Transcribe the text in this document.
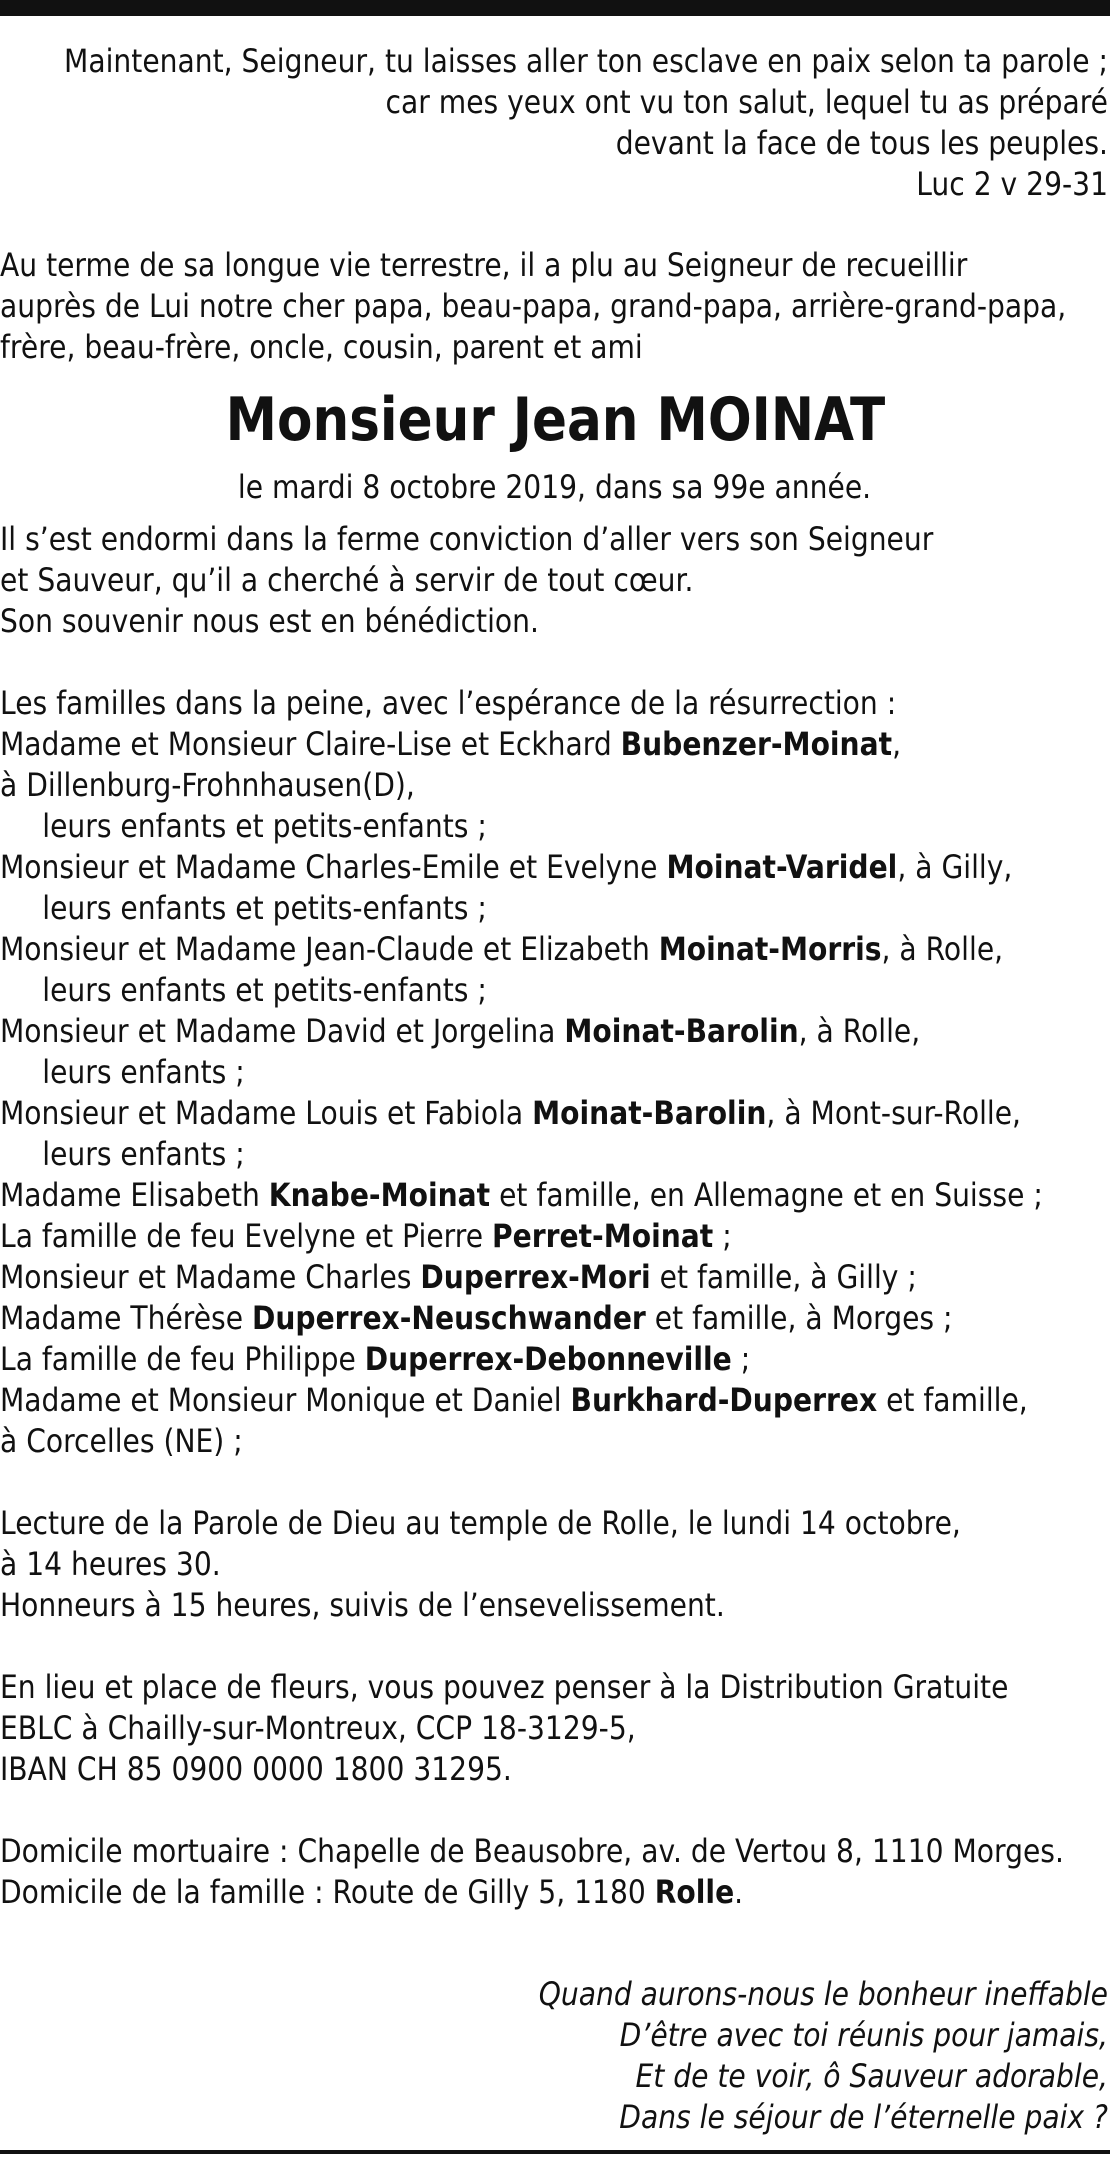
Maintenant, Seigneur, tu laisses aller ton esclave en paix selon ta parole ;
car mes yeux ont vu ton salut, lequel tu as préparé
devant la face de tous les peuples.
Luc 2 v 29-31
Au terme de sa longue vie terrestre, il a plu au Seigneur de recueillir
auprès de Lui notre cher papa, beau-papa, grand-papa, arrière-grand-papa,
frère, beau-frère, oncle, cousin, parent et ami
Monsieur Jean MOINAT
le mardi 8 octobre 2019, dans sa 99e année.
Il s’est endormi dans la ferme conviction d’aller vers son Seigneur
et Sauveur, qu’il a cherché à servir de tout cœur.
Son souvenir nous est en bénédiction.
Les familles dans la peine, avec l’espérance de la résurrection :
Madame et Monsieur Claire-Lise et Eckhard Bubenzer-Moinat,
à Dillenburg-Frohnhausen(D),
leurs enfants et petits-enfants ;
Monsieur et Madame Charles-Emile et Evelyne Moinat-Varidel, à Gilly,
leurs enfants et petits-enfants ;
Monsieur et Madame Jean-Claude et Elizabeth Moinat-Morris, à Rolle,
leurs enfants et petits-enfants ;
Monsieur et Madame David et Jorgelina Moinat-Barolin, à Rolle,
leurs enfants ;
Monsieur et Madame Louis et Fabiola Moinat-Barolin, à Mont-sur-Rolle,
leurs enfants ;
Madame Elisabeth Knabe-Moinat et famille, en Allemagne et en Suisse ;
La famille de feu Evelyne et Pierre Perret-Moinat ;
Monsieur et Madame Charles Duperrex-Mori et famille, à Gilly ;
Madame Thérèse Duperrex-Neuschwander et famille, à Morges ;
La famille de feu Philippe Duperrex-Debonneville ;
Madame et Monsieur Monique et Daniel Burkhard-Duperrex et famille,
à Corcelles (NE) ;
Lecture de la Parole de Dieu au temple de Rolle, le lundi 14 octobre,
à 14 heures 30.
Honneurs à 15 heures, suivis de l’ensevelissement.
En lieu et place de fleurs, vous pouvez penser à la Distribution Gratuite
EBLC à Chailly-sur-Montreux, CCP 18-3129-5,
IBAN CH 85 0900 0000 1800 31295.
Domicile mortuaire : Chapelle de Beausobre, av. de Vertou 8, 1110 Morges.
Domicile de la famille : Route de Gilly 5, 1180 Rolle.
Quand aurons-nous le bonheur ineffable
D’être avec toi réunis pour jamais,
Et de te voir, ô Sauveur adorable,
Dans le séjour de l’éternelle paix ?
